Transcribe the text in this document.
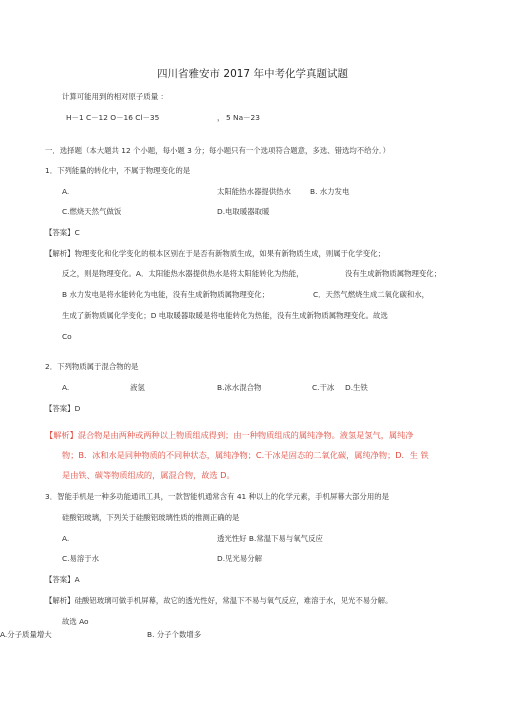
四川省雅安市 2017 年中考化学真题试题
计算可能用到的相对原子质量 ：
H－1 C－12 O－16 Cl－35	， 5 Na－23
一．选择题（本大题共 12 个小题，每小题 3 分；每小题只有一个选项符合题意，多选、错选均不给分．）
1．下列能量的转化中，不属于物理变化的是
A.	太阳能热水器提供热水	B. 水力发电
C.燃烧天然气做饭	D.电取暖器取暖
【答案】C
【解析】物理变化和化学变化的根本区别在于是否有新物质生成，如果有新物质生成，则属于化学变化；
反之，则是物理变化。A．太阳能热水器提供热水是将太阳能转化为热能，	没有生成新物质属物理变化；
B 水力发电是将水能转化为电能，没有生成新物质属物理变化；	C．天然气燃烧生成二氧化碳和水，
生成了新物质属化学变化；D 电取暖器取暖是将电能转化为热能，没有生成新物质属物理变化。故选
Co
2．下列物质属于混合物的是
A.	液氢	B.冰水混合物	C.干冰 D.生铁
【答案】D
【解析】混合物是由两种或两种以上物质组成得到；由一种物质组成的属纯净物。液氢是氢气，属纯净
物；B．冰和水是同种物质的不同种状态，属纯净物；C.干冰是固态的二氧化碳，属纯净物；D．生 铁
是由铁、碳等物质组成的，属混合物，故选 D。
3．智能手机是一种多功能通讯工具，一款智能机通常含有 41 种以上的化学元素，手机屏幕大部分用的是
硅酸铝玻璃，下列关于硅酸铝玻璃性质的推测正确的是
A.	透光性好 B.常温下易与氧气反应
C.易溶于水	D.见光易分解
【答案】A
【解析】硅酸铝玻璃可做手机屏幕，故它的透光性好，常温下不易与氧气反应，难溶于水，见光不易分解。
故选 Ao
A.分子质量增大	B. 分子个数增多
